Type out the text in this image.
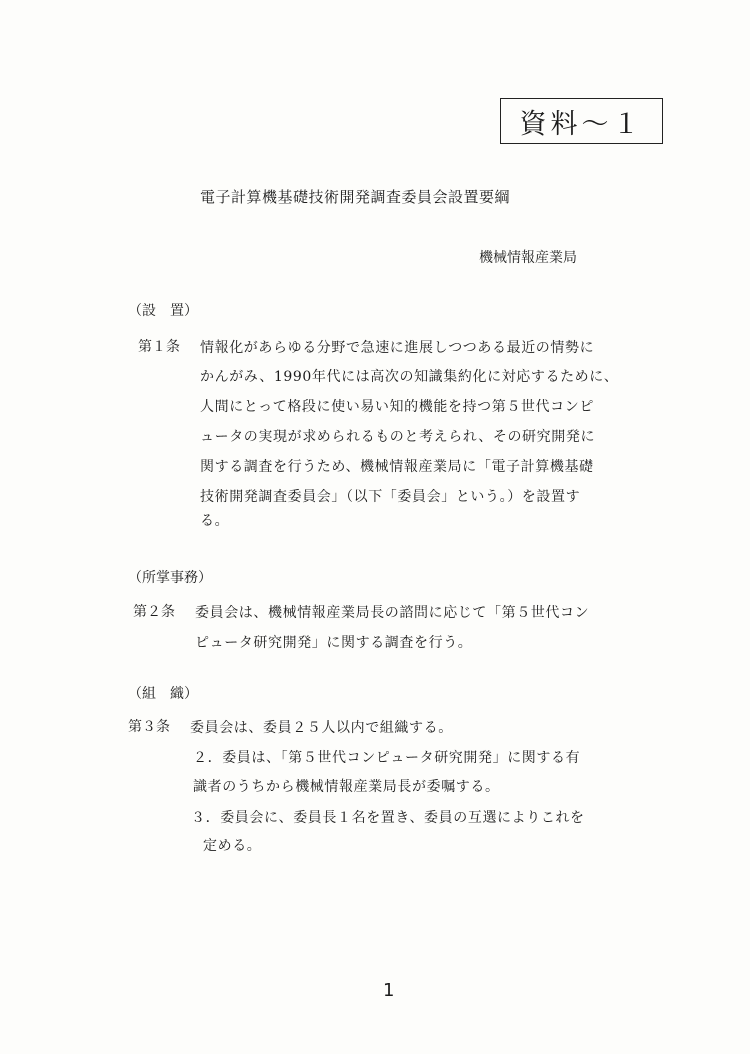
資料～１
電子計算機基礎技術開発調査委員会設置要綱
機械情報産業局
（設　置）
第１条 情報化があらゆる分野で急速に進展しつつある最近の情勢に
かんがみ、1990年代には高次の知識集約化に対応するために、
人間にとって格段に使い易い知的機能を持つ第５世代コンピ
ュータの実現が求められるものと考えられ、その研究開発に
関する調査を行うため、機械情報産業局に「電子計算機基礎
技術開発調査委員会」（以下「委員会」という。）を設置す
る。
（所掌事務）
第２条 委員会は、機械情報産業局長の諮問に応じて「第５世代コン
ピュータ研究開発」に関する調査を行う。
（組　織）
第３条 委員会は、委員２５人以内で組織する。
２．委員は、「第５世代コンピュータ研究開発」に関する有
識者のうちから機械情報産業局長が委嘱する。
３．委員会に、委員長１名を置き、委員の互選によりこれを
定める。
1
